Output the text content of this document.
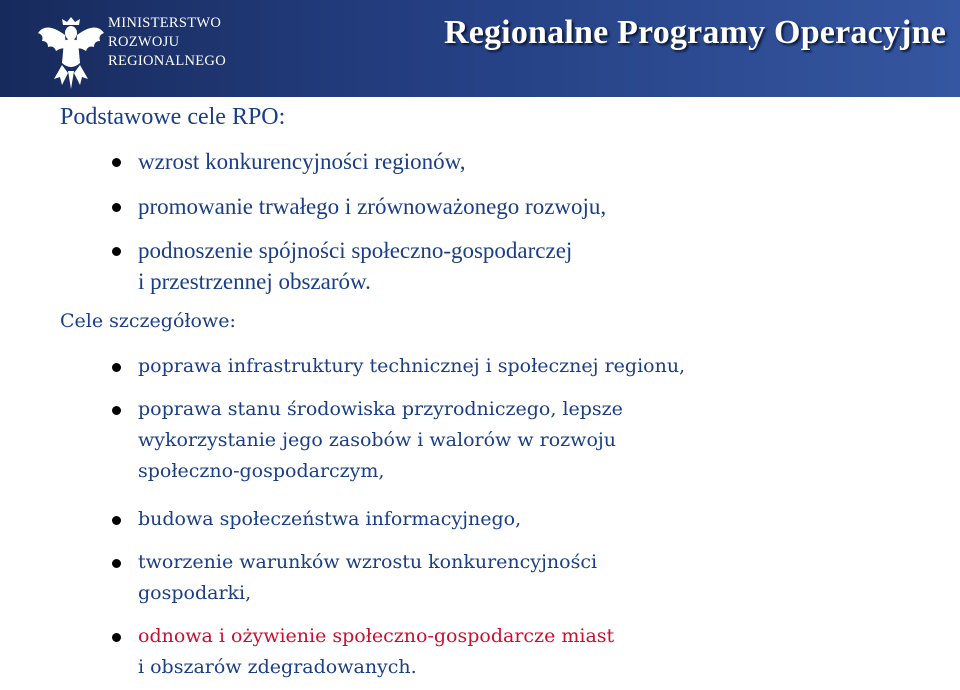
MINISTERSTWO
ROZWOJU
REGIONALNEGO
Regionalne Programy Operacyjne
Podstawowe cele RPO:
wzrost konkurencyjności regionów,
promowanie trwałego i zrównoważonego rozwoju,
podnoszenie spójności społeczno-gospodarczej
i przestrzennej obszarów.
Cele szczegółowe:
poprawa infrastruktury technicznej i społecznej regionu,
poprawa stanu środowiska przyrodniczego, lepsze
wykorzystanie jego zasobów i walorów w rozwoju
społeczno-gospodarczym,
budowa społeczeństwa informacyjnego,
tworzenie warunków wzrostu konkurencyjności
gospodarki,
odnowa i ożywienie społeczno-gospodarcze miast
i obszarów zdegradowanych.
